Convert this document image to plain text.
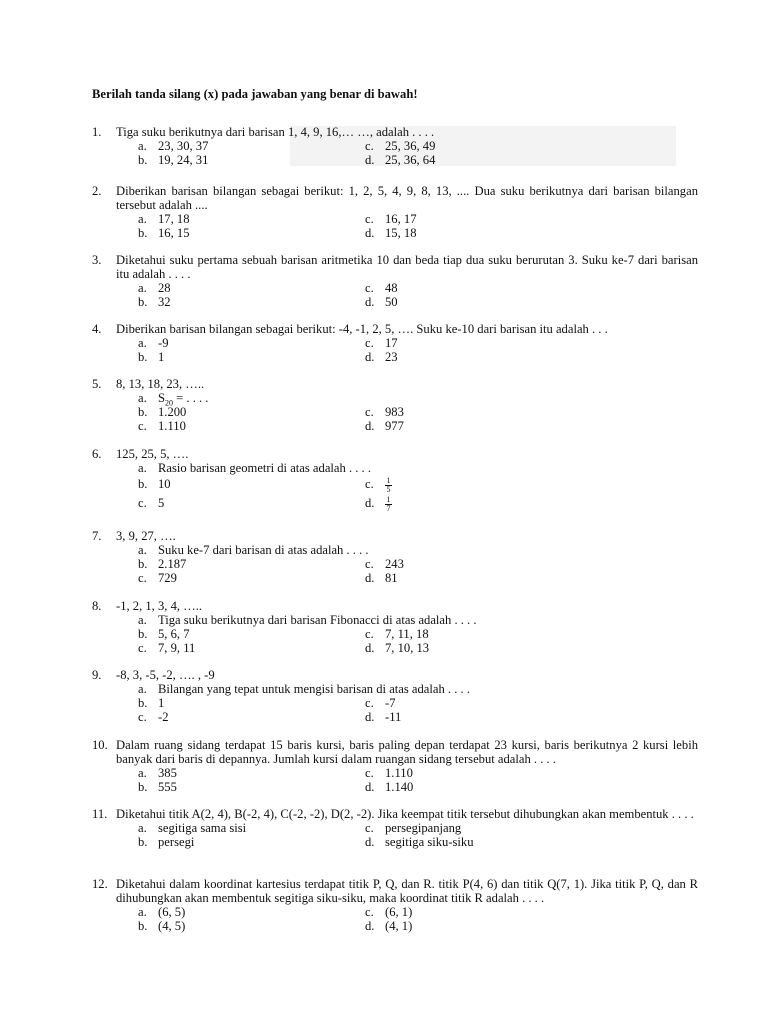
Berilah tanda silang (x) pada jawaban yang benar di bawah!
1.	Tiga suku berikutnya dari barisan 1, 4, 9, 16,… …, adalah . . . .
a. 23, 30, 37	c. 25, 36, 49
b. 19, 24, 31	d. 25, 36, 64
2.	Diberikan barisan bilangan sebagai berikut: 1, 2, 5, 4, 9, 8, 13, .... Dua suku berikutnya dari barisan bilangan tersebut adalah ....
a. 17, 18	c. 16, 17
b. 16, 15	d. 15, 18
3.	Diketahui suku pertama sebuah barisan aritmetika 10 dan beda tiap dua suku berurutan 3. Suku ke-7 dari barisan itu adalah . . . .
a. 28	c. 48
b. 32	d. 50
4.	Diberikan barisan bilangan sebagai berikut: -4, -1, 2, 5, …. Suku ke-10 dari barisan itu adalah . . .
a. -9	c. 17
b. 1	d. 23
5.	8, 13, 18, 23, …..
a. $S_{20}$ = . . . .
b. 1.200	c. 983
c. 1.110	d. 977
6.	125, 25, 5, ….
a. Rasio barisan geometri di atas adalah . . . .
b. 10	c.	$\frac{1}{5}$
c. 5	d.	$\frac{1}{7}$
7.	3, 9, 27, ….
a. Suku ke-7 dari barisan di atas adalah . . . .
b. 2.187	c. 243
c. 729	d. 81
8.	-1, 2, 1, 3, 4, …..
a. Tiga suku berikutnya dari barisan Fibonacci di atas adalah . . . .
b. 5, 6, 7	c. 7, 11, 18
c. 7, 9, 11	d. 7, 10, 13
9.	-8, 3, -5, -2, …. , -9
a. Bilangan yang tepat untuk mengisi barisan di atas adalah . . . .
b. 1	c. -7
c. -2	d. -11
10. Dalam ruang sidang terdapat 15 baris kursi, baris paling depan terdapat 23 kursi, baris berikutnya 2 kursi lebih banyak dari baris di depannya. Jumlah kursi dalam ruangan sidang tersebut adalah . . . .
a. 385	c. 1.110
b. 555	d. 1.140
11. Diketahui titik A(2, 4), B(-2, 4), C(-2, -2), D(2, -2). Jika keempat titik tersebut dihubungkan akan membentuk . . . .
a. segitiga sama sisi	c. persegipanjang
b. persegi	d. segitiga siku-siku
12. Diketahui dalam koordinat kartesius terdapat titik P, Q, dan R. titik P(4, 6) dan titik Q(7, 1). Jika titik P, Q, dan R dihubungkan akan membentuk segitiga siku-siku, maka koordinat titik R adalah . . . .
a. (6, 5)	c. (6, 1)
b. (4, 5)	d. (4, 1)
